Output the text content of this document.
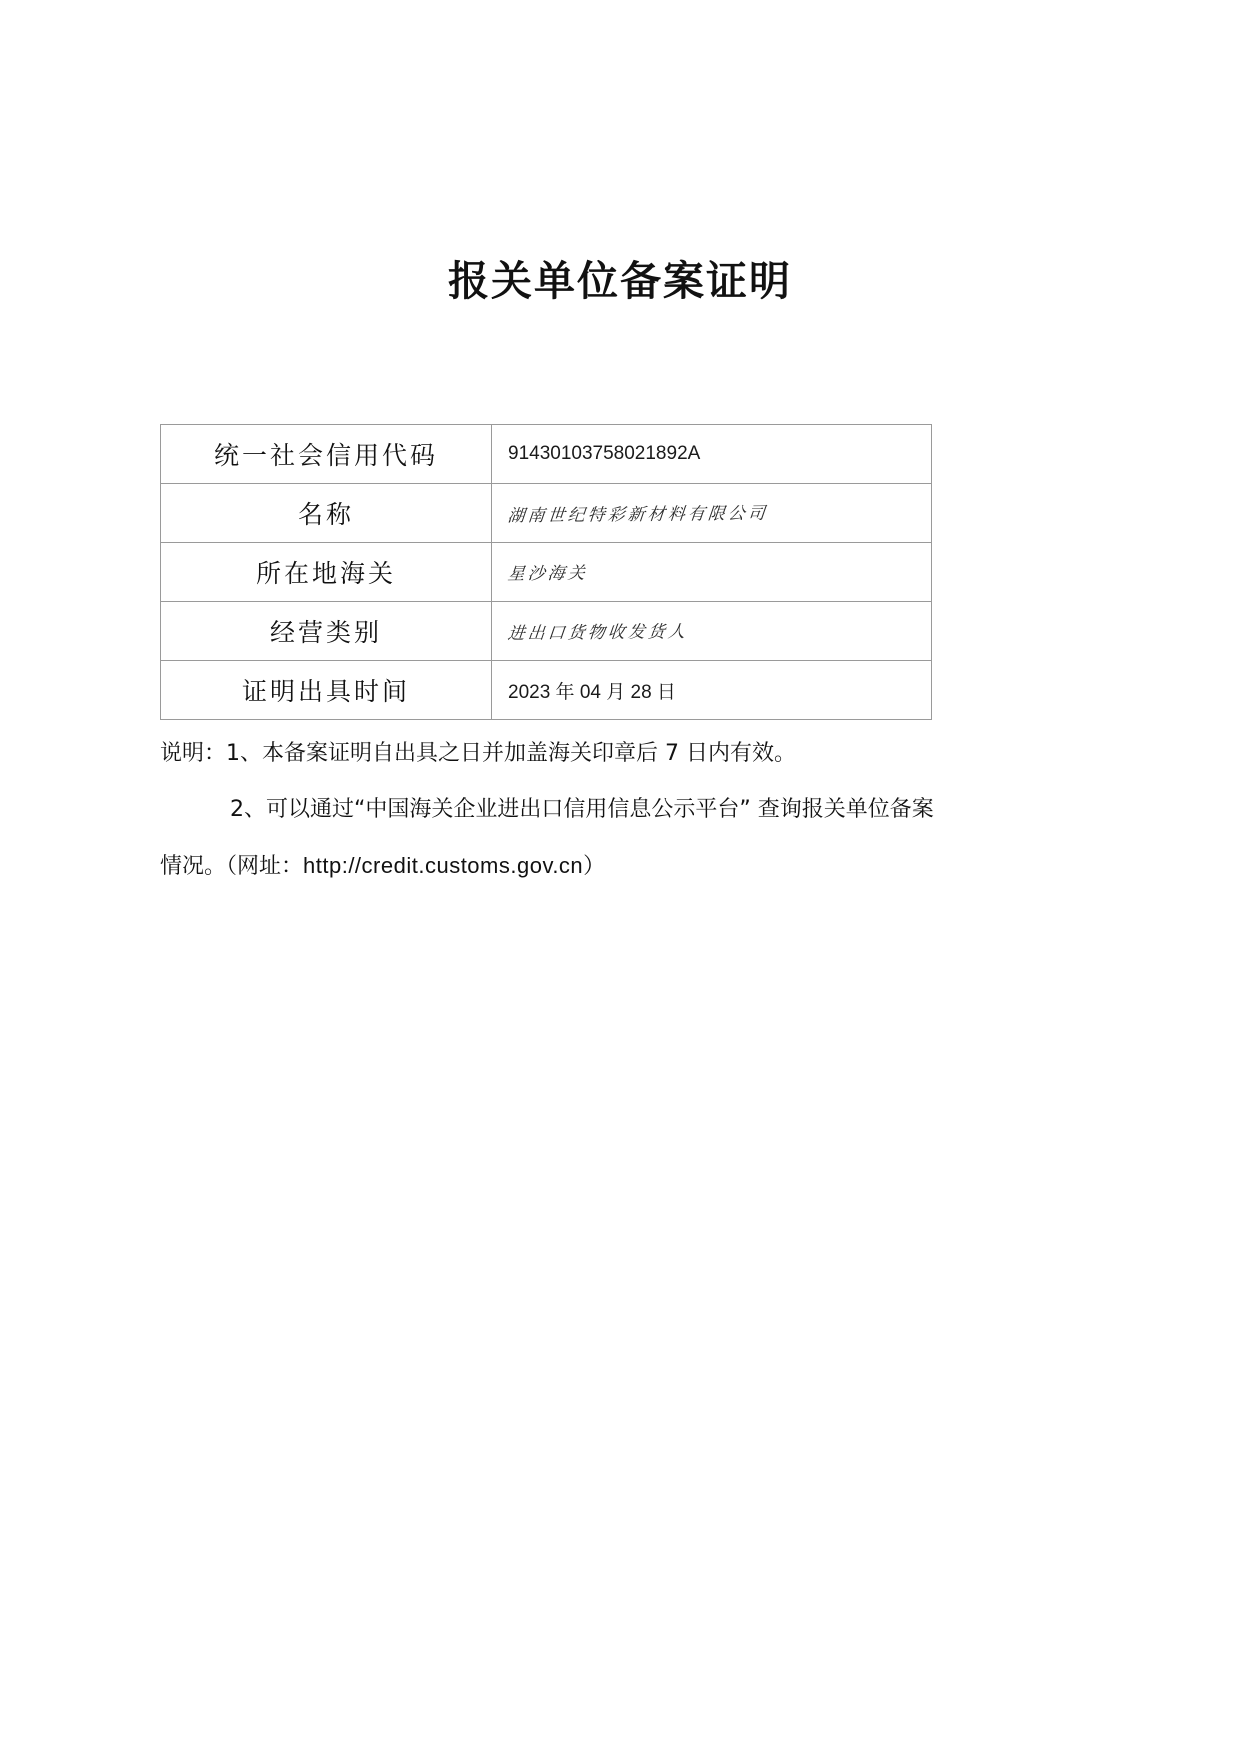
报关单位备案证明
统一社会信用代码	91430103758021892A
名称	湖南世纪特彩新材料有限公司
所在地海关	星沙海关
经营类别	进出口货物收发货人
证明出具时间	2023 年 04 月 28 日
说明：1、本备案证明自出具之日并加盖海关印章后 7 日内有效。
2、可以通过“中国海关企业进出口信用信息公示平台” 查询报关单位备案
情况。（网址：http://credit.customs.gov.cn）
